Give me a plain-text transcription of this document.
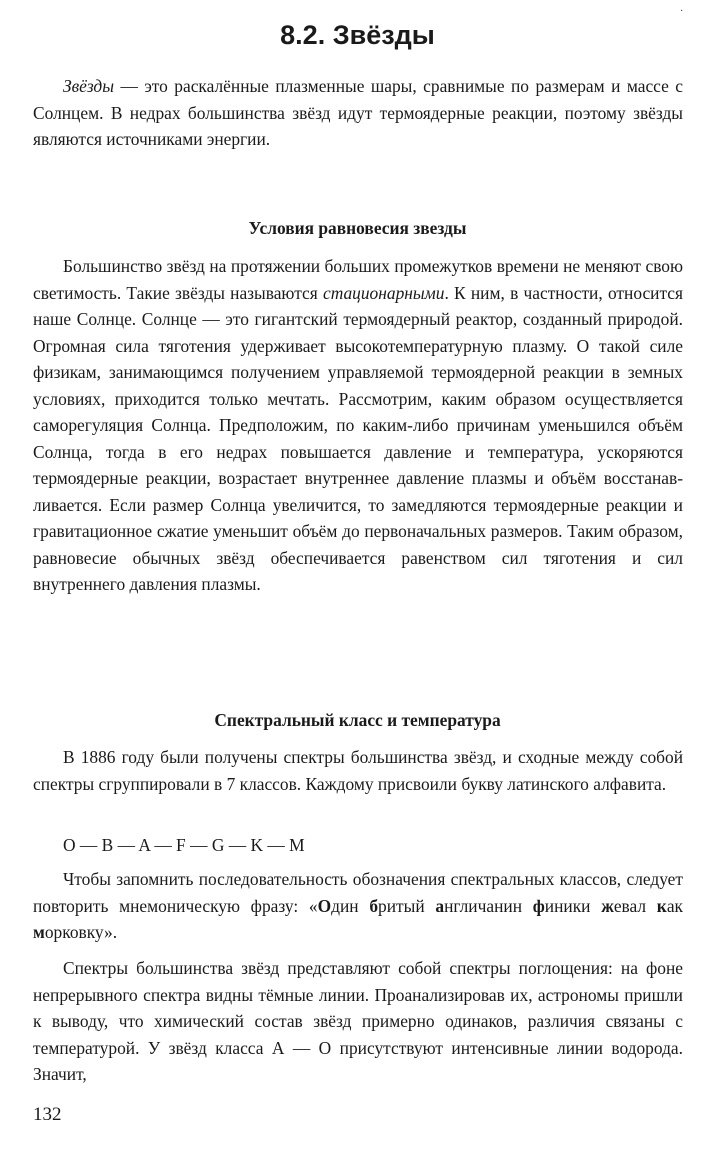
·
8.2. Звёзды
Звёзды — это раскалённые плазменные шары, сравнимые по размерам и массе с Солнцем. В недрах большинства звёзд идут термоядерные реакции, поэтому звёзды являются источниками энергии.
Условия равновесия звезды
Большинство звёзд на протяжении больших промежутков времени не меняют свою светимость. Такие звёзды называются стационарными. К ним, в частности, относится наше Солнце. Солнце — это гигантский термоядерный реактор, созданный природой. Огромная сила тяготения удерживает высокотемпературную плазму. О такой силе физикам, занимающимся получением управляемой термоядерной реакции в земных условиях, приходится только мечтать. Рассмотрим, каким образом осуществляется саморегуляция Солнца. Предположим, по каким-либо причинам уменьшился объём Солнца, тогда в его недрах повышается давление и температура, ускоряются термоядерные реакции, возрастает внутреннее давление плазмы и объём восстанавливается. Если размер Солнца увеличится, то замедляются термоядерные реакции и гравитационное сжатие уменьшит объём до первоначальных размеров. Таким образом, равновесие обычных звёзд обеспечивается равенством сил тяготения и сил внутреннего давления плазмы.
Спектральный класс и температура
В 1886 году были получены спектры большинства звёзд, и сходные между собой спектры сгруппировали в 7 классов. Каждому присвоили букву латинского алфавита.
O — B — A — F — G — K — M
Чтобы запомнить последовательность обозначения спектральных классов, следует повторить мнемоническую фразу: «Один бритый англичанин финики жевал как морковку».
Спектры большинства звёзд представляют собой спектры поглощения: на фоне непрерывного спектра видны тёмные линии. Проанализировав их, астрономы пришли к выводу, что химический состав звёзд примерно одинаков, различия связаны с температурой. У звёзд класса А — О присутствуют интенсивные линии водорода. Значит,
132
